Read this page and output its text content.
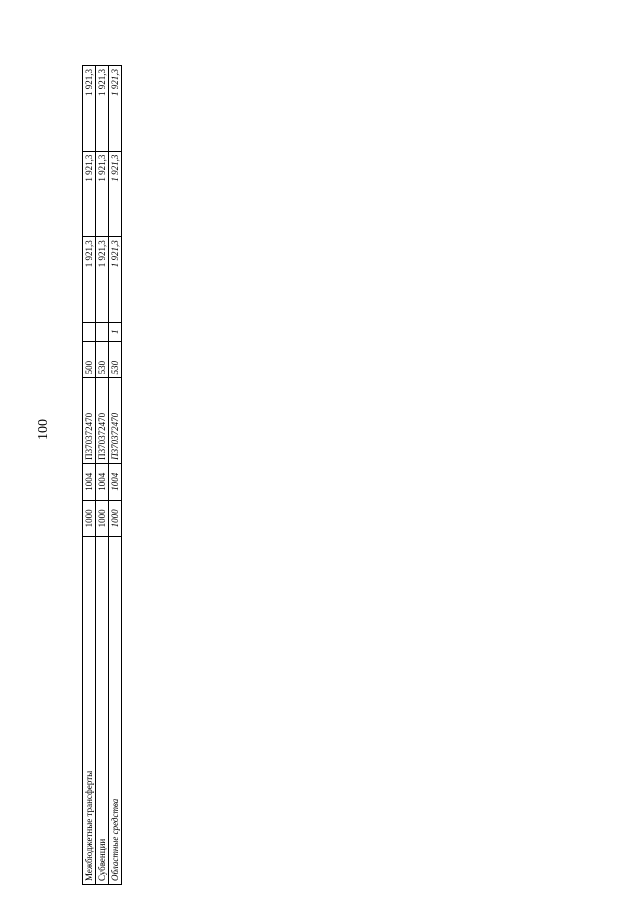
100
Межбюджетные трансферты	1000	1004	П370372470	500		1 921,3	1 921,3	1 921,3
Субвенции	1000	1004	П370372470	530		1 921,3	1 921,3	1 921,3
Областные средства	1000	1004	П370372470	530	1	1 921,3	1 921,3	1 921,3
